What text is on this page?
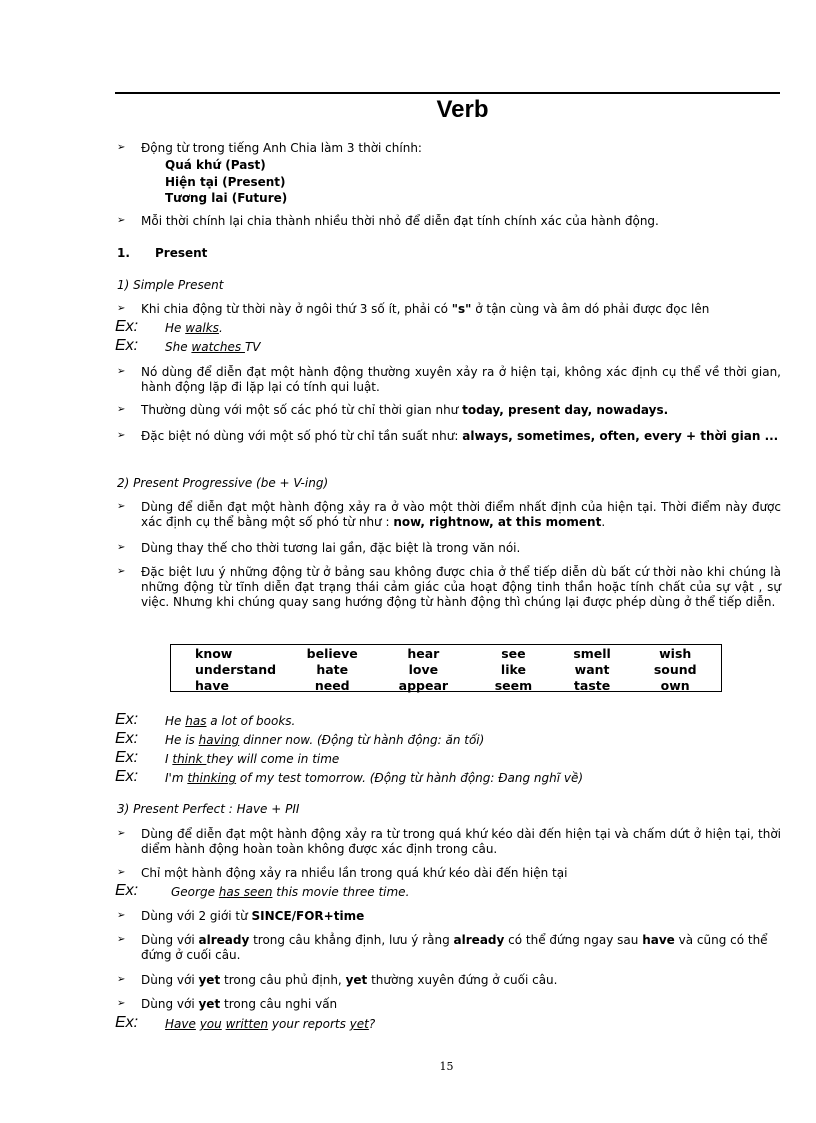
Verb
➢ Động từ trong tiếng Anh Chia làm 3 thời chính:
Quá khứ (Past)
Hiện tại (Present)
Tương lai (Future)
➢ Mỗi thời chính lại chia thành nhiều thời nhỏ để diễn đạt tính chính xác của hành động.
1. Present
1) Simple Present
➢ Khi chia động từ thời này ở ngôi thứ 3 số ít, phải có "s" ở tận cùng và âm dó phải được đọc lên
Ex: He walks.
Ex: She watches TV
➢ Nó dùng để diễn đạt một hành động thường xuyên xảy ra ở hiện tại, không xác định cụ thể về thời gian, hành động lặp đi lặp lại có tính qui luật.
➢ Thường dùng với một số các phó từ chỉ thời gian như today, present day, nowadays.
➢ Đặc biệt nó dùng với một số phó từ chỉ tần suất như: always, sometimes, often, every + thời gian ...
2) Present Progressive (be + V-ing)
➢ Dùng để diễn đạt một hành động xảy ra ở vào một thời điểm nhất định của hiện tại. Thời điểm này được xác định cụ thể bằng một số phó từ như : now, rightnow, at this moment.
➢ Dùng thay thế cho thời tương lai gần, đặc biệt là trong văn nói.
➢ Đặc biệt lưu ý những động từ ở bảng sau không được chia ở thể tiếp diễn dù bất cứ thời nào khi chúng là những động từ tĩnh diễn đạt trạng thái cảm giác của hoạt động tinh thần hoặc tính chất của sự vật , sự việc. Nhưng khi chúng quay sang hướng động từ hành động thì chúng lại được phép dùng ở thể tiếp diễn.
know	believe	hear	see	smell	wish
understand	hate	love	like	want	sound
have	need	appear	seem	taste	own
Ex: He has a lot of books.
Ex: He is having dinner now. (Động từ hành động: ăn tối)
Ex: I think they will come in time
Ex: I'm thinking of my test tomorrow. (Động từ hành động: Đang nghĩ về)
3) Present Perfect : Have + PII
➢ Dùng để diễn đạt một hành động xảy ra từ trong quá khứ kéo dài đến hiện tại và chấm dứt ở hiện tại, thời diểm hành động hoàn toàn không được xác định trong câu.
➢ Chỉ một hành động xảy ra nhiều lần trong quá khứ kéo dài đến hiện tại
Ex:	George has seen this movie three time.
➢ Dùng với 2 giới từ SINCE/FOR+time
➢ Dùng với already trong câu khẳng định, lưu ý rằng already có thể đứng ngay sau have và cũng có thể đứng ở cuối câu.
➢ Dùng với yet trong câu phủ định, yet thường xuyên đứng ở cuối câu.
➢ Dùng với yet trong câu nghi vấn
Ex: Have you written your reports yet?
15
